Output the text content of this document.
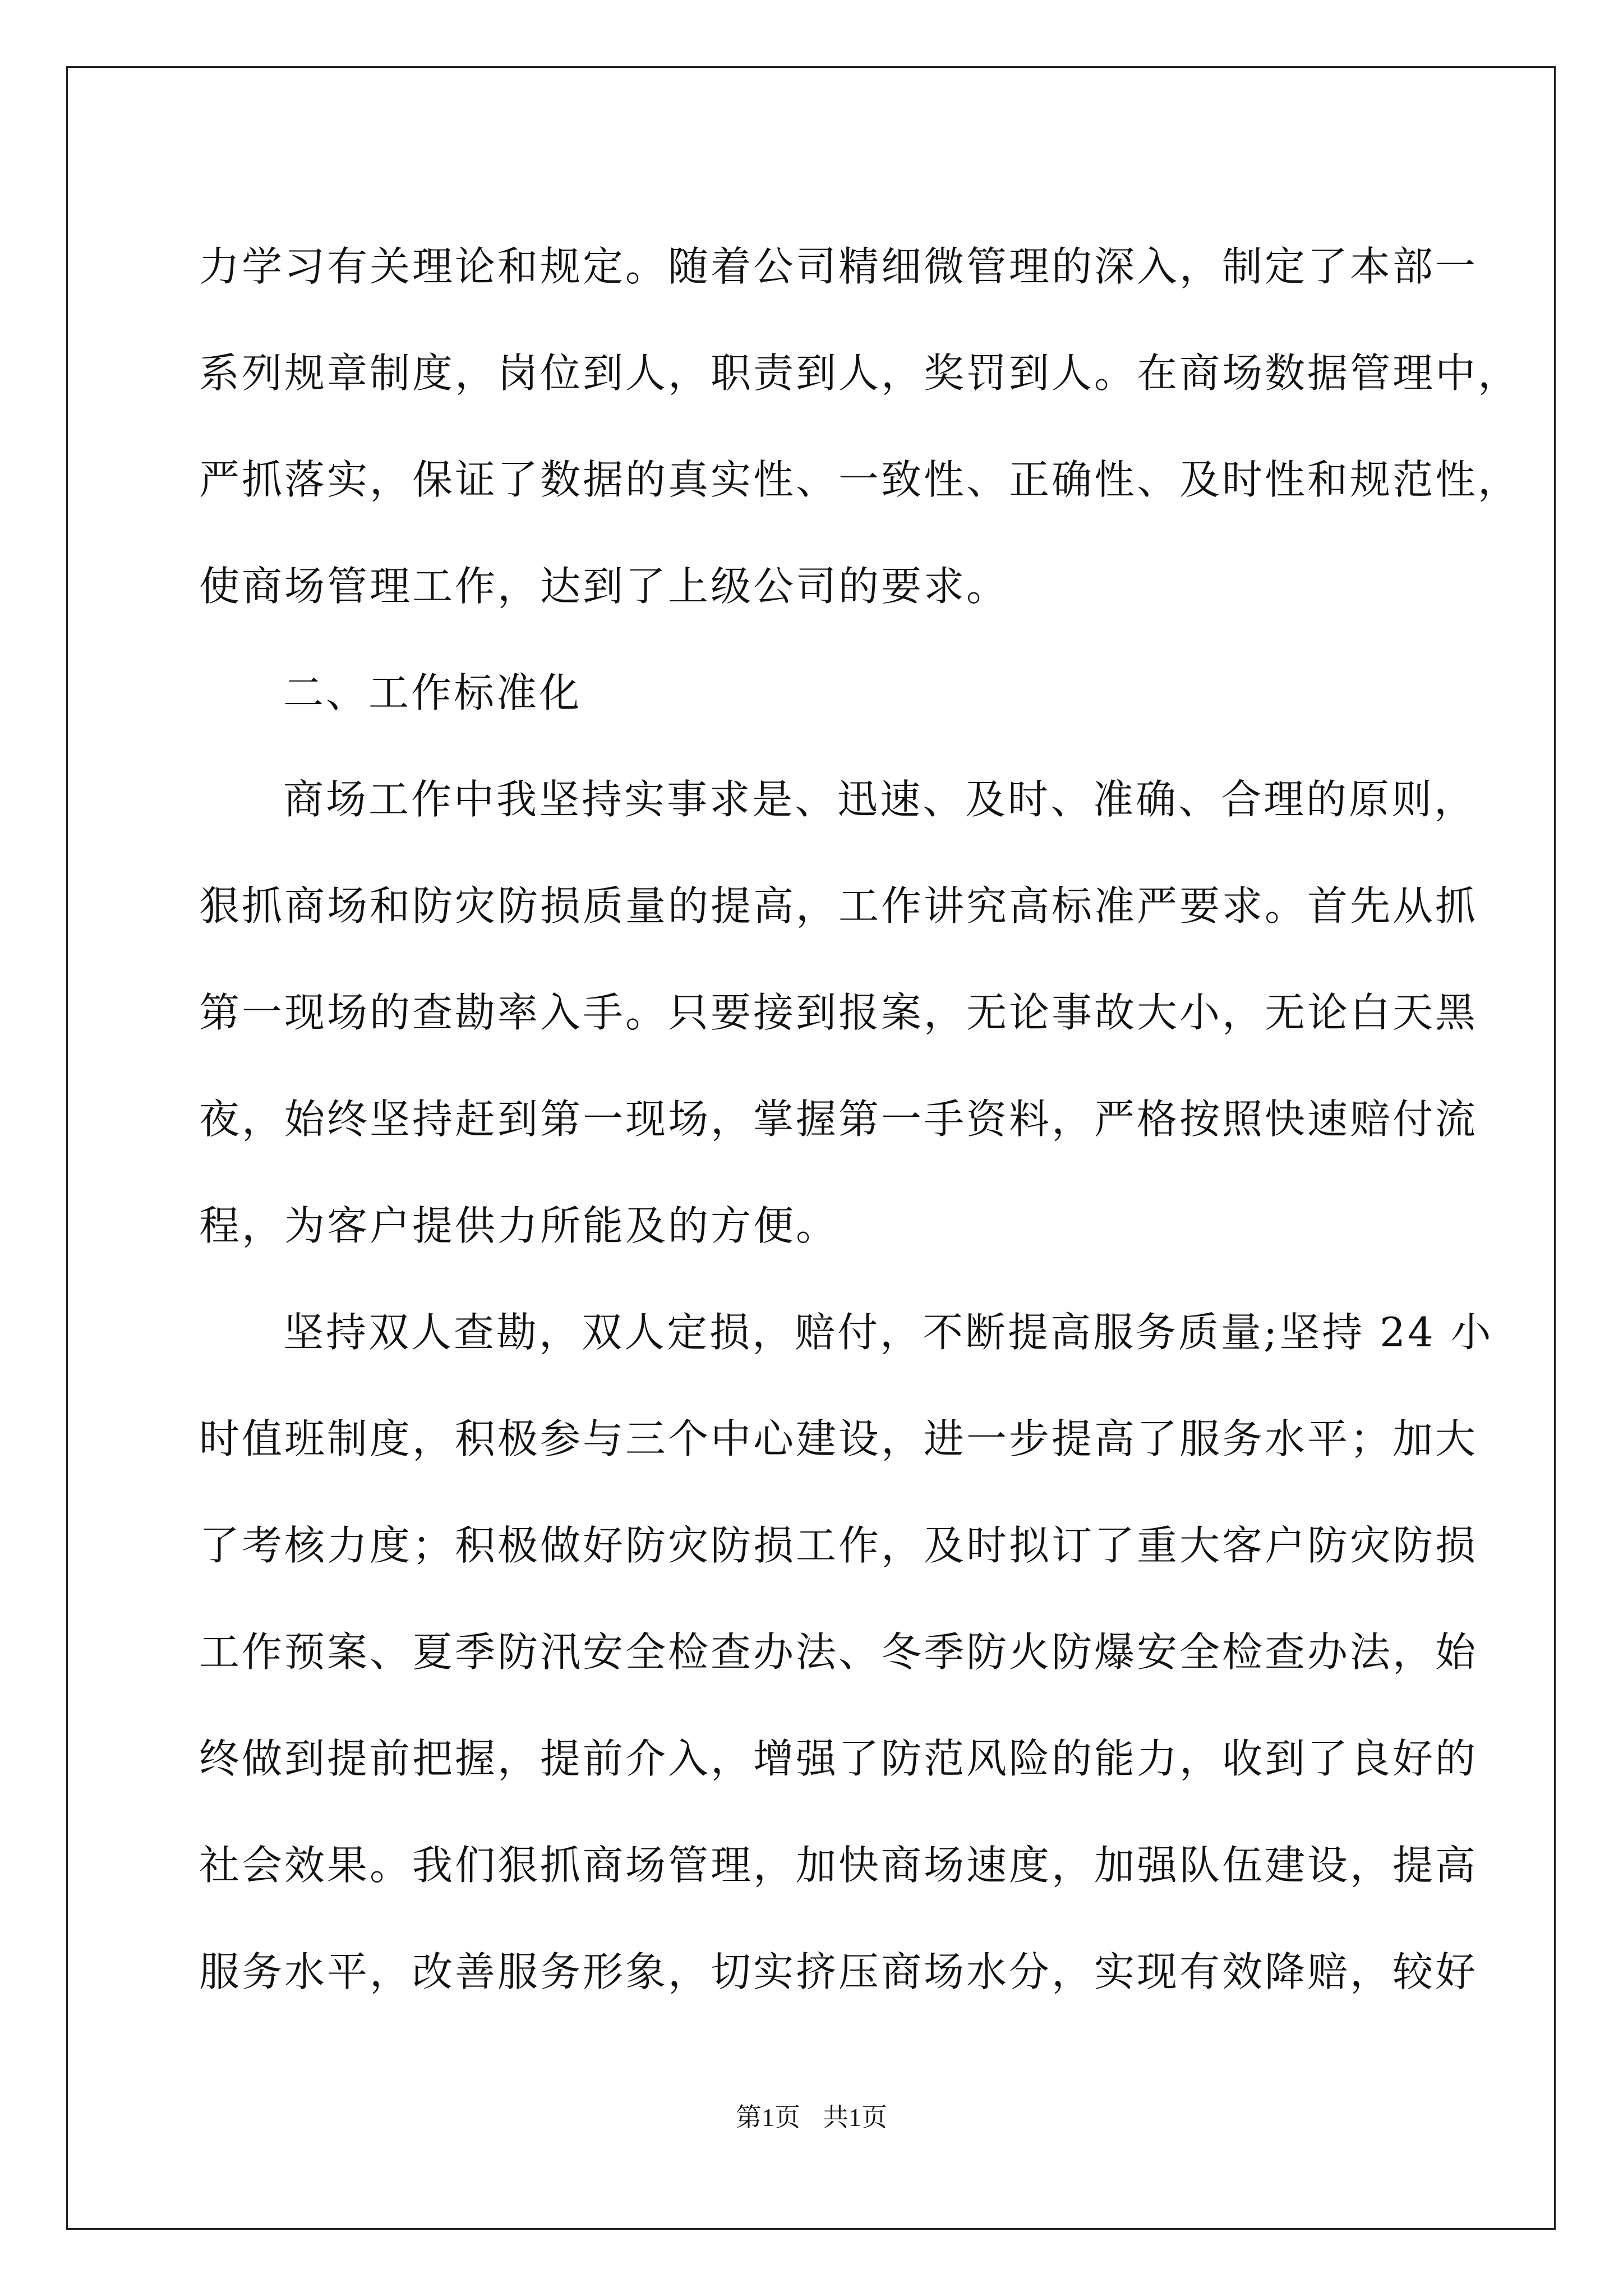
力学习有关理论和规定。随着公司精细微管理的深入，制定了本部一
系列规章制度，岗位到人，职责到人，奖罚到人。在商场数据管理中，
严抓落实，保证了数据的真实性、一致性、正确性、及时性和规范性，
使商场管理工作，达到了上级公司的要求。
二、工作标准化
商场工作中我坚持实事求是、迅速、及时、准确、合理的原则，
狠抓商场和防灾防损质量的提高，工作讲究高标准严要求。首先从抓
第一现场的查勘率入手。只要接到报案，无论事故大小，无论白天黑
夜，始终坚持赶到第一现场，掌握第一手资料，严格按照快速赔付流
程，为客户提供力所能及的方便。
坚持双人查勘，双人定损，赔付，不断提高服务质量;坚持 24 小
时值班制度，积极参与三个中心建设，进一步提高了服务水平；加大
了考核力度；积极做好防灾防损工作，及时拟订了重大客户防灾防损
工作预案、夏季防汛安全检查办法、冬季防火防爆安全检查办法，始
终做到提前把握，提前介入，增强了防范风险的能力，收到了良好的
社会效果。我们狠抓商场管理，加快商场速度，加强队伍建设，提高
服务水平，改善服务形象，切实挤压商场水分，实现有效降赔，较好
第1页 共1页
